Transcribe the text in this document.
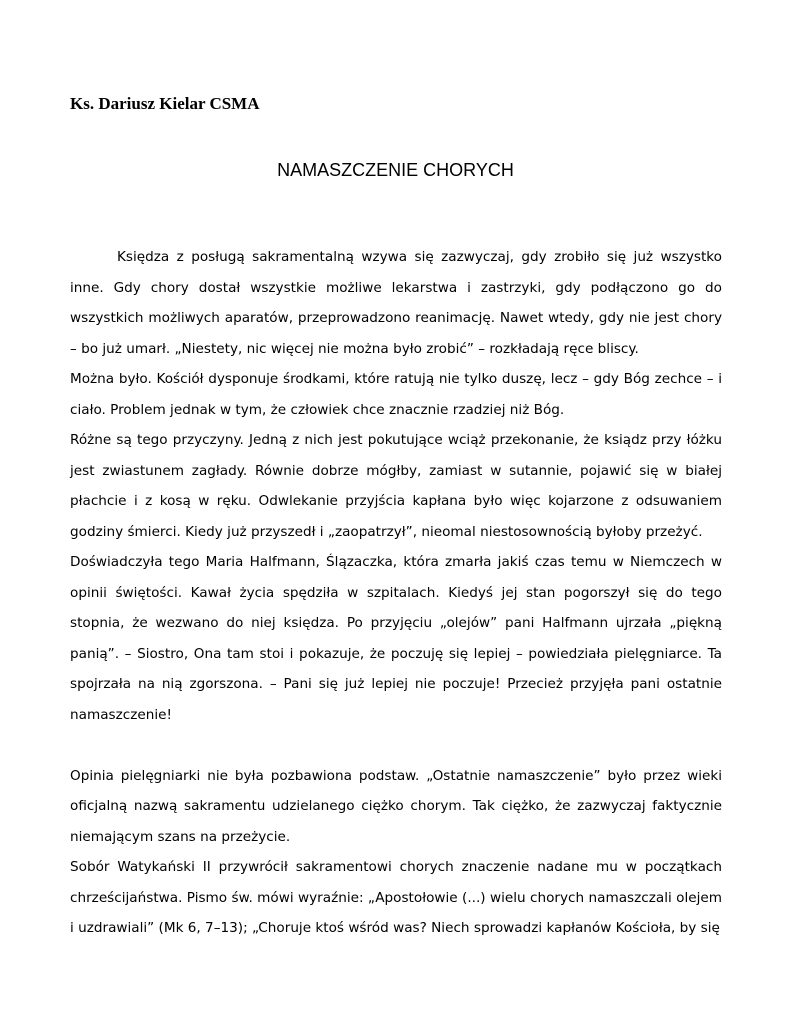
Ks. Dariusz Kielar CSMA

NAMASZCZENIE CHORYCH

Księdza z posługą sakramentalną wzywa się zazwyczaj, gdy zrobiło się już wszystko inne. Gdy chory dostał wszystkie możliwe lekarstwa i zastrzyki, gdy podłączono go do wszystkich możliwych aparatów, przeprowadzono reanimację. Nawet wtedy, gdy nie jest chory – bo już umarł. „Niestety, nic więcej nie można było zrobić” – rozkładają ręce bliscy.

Można było. Kościół dysponuje środkami, które ratują nie tylko duszę, lecz – gdy Bóg zechce – i ciało. Problem jednak w tym, że człowiek chce znacznie rzadziej niż Bóg.

Różne są tego przyczyny. Jedną z nich jest pokutujące wciąż przekonanie, że ksiądz przy łóżku jest zwiastunem zagłady. Równie dobrze mógłby, zamiast w sutannie, pojawić się w białej płachcie i z kosą w ręku. Odwlekanie przyjścia kapłana było więc kojarzone z odsuwaniem godziny śmierci. Kiedy już przyszedł i „zaopatrzył”, nieomal niestosownością byłoby przeżyć.

Doświadczyła tego Maria Halfmann, Ślązaczka, która zmarła jakiś czas temu w Niemczech w opinii świętości. Kawał życia spędziła w szpitalach. Kiedyś jej stan pogorszył się do tego stopnia, że wezwano do niej księdza. Po przyjęciu „olejów” pani Halfmann ujrzała „piękną panią”. – Siostro, Ona tam stoi i pokazuje, że poczuję się lepiej – powiedziała pielęgniarce. Ta spojrzała na nią zgorszona. – Pani się już lepiej nie poczuje! Przecież przyjęła pani ostatnie namaszczenie!

Opinia pielęgniarki nie była pozbawiona podstaw. „Ostatnie namaszczenie” było przez wieki oficjalną nazwą sakramentu udzielanego ciężko chorym. Tak ciężko, że zazwyczaj faktycznie niemającym szans na przeżycie.

Sobór Watykański II przywrócił sakramentowi chorych znaczenie nadane mu w początkach chrześcijaństwa. Pismo św. mówi wyraźnie: „Apostołowie (...) wielu chorych namaszczali olejem i uzdrawiali” (Mk 6, 7–13); „Choruje ktoś wśród was? Niech sprowadzi kapłanów Kościoła, by się
